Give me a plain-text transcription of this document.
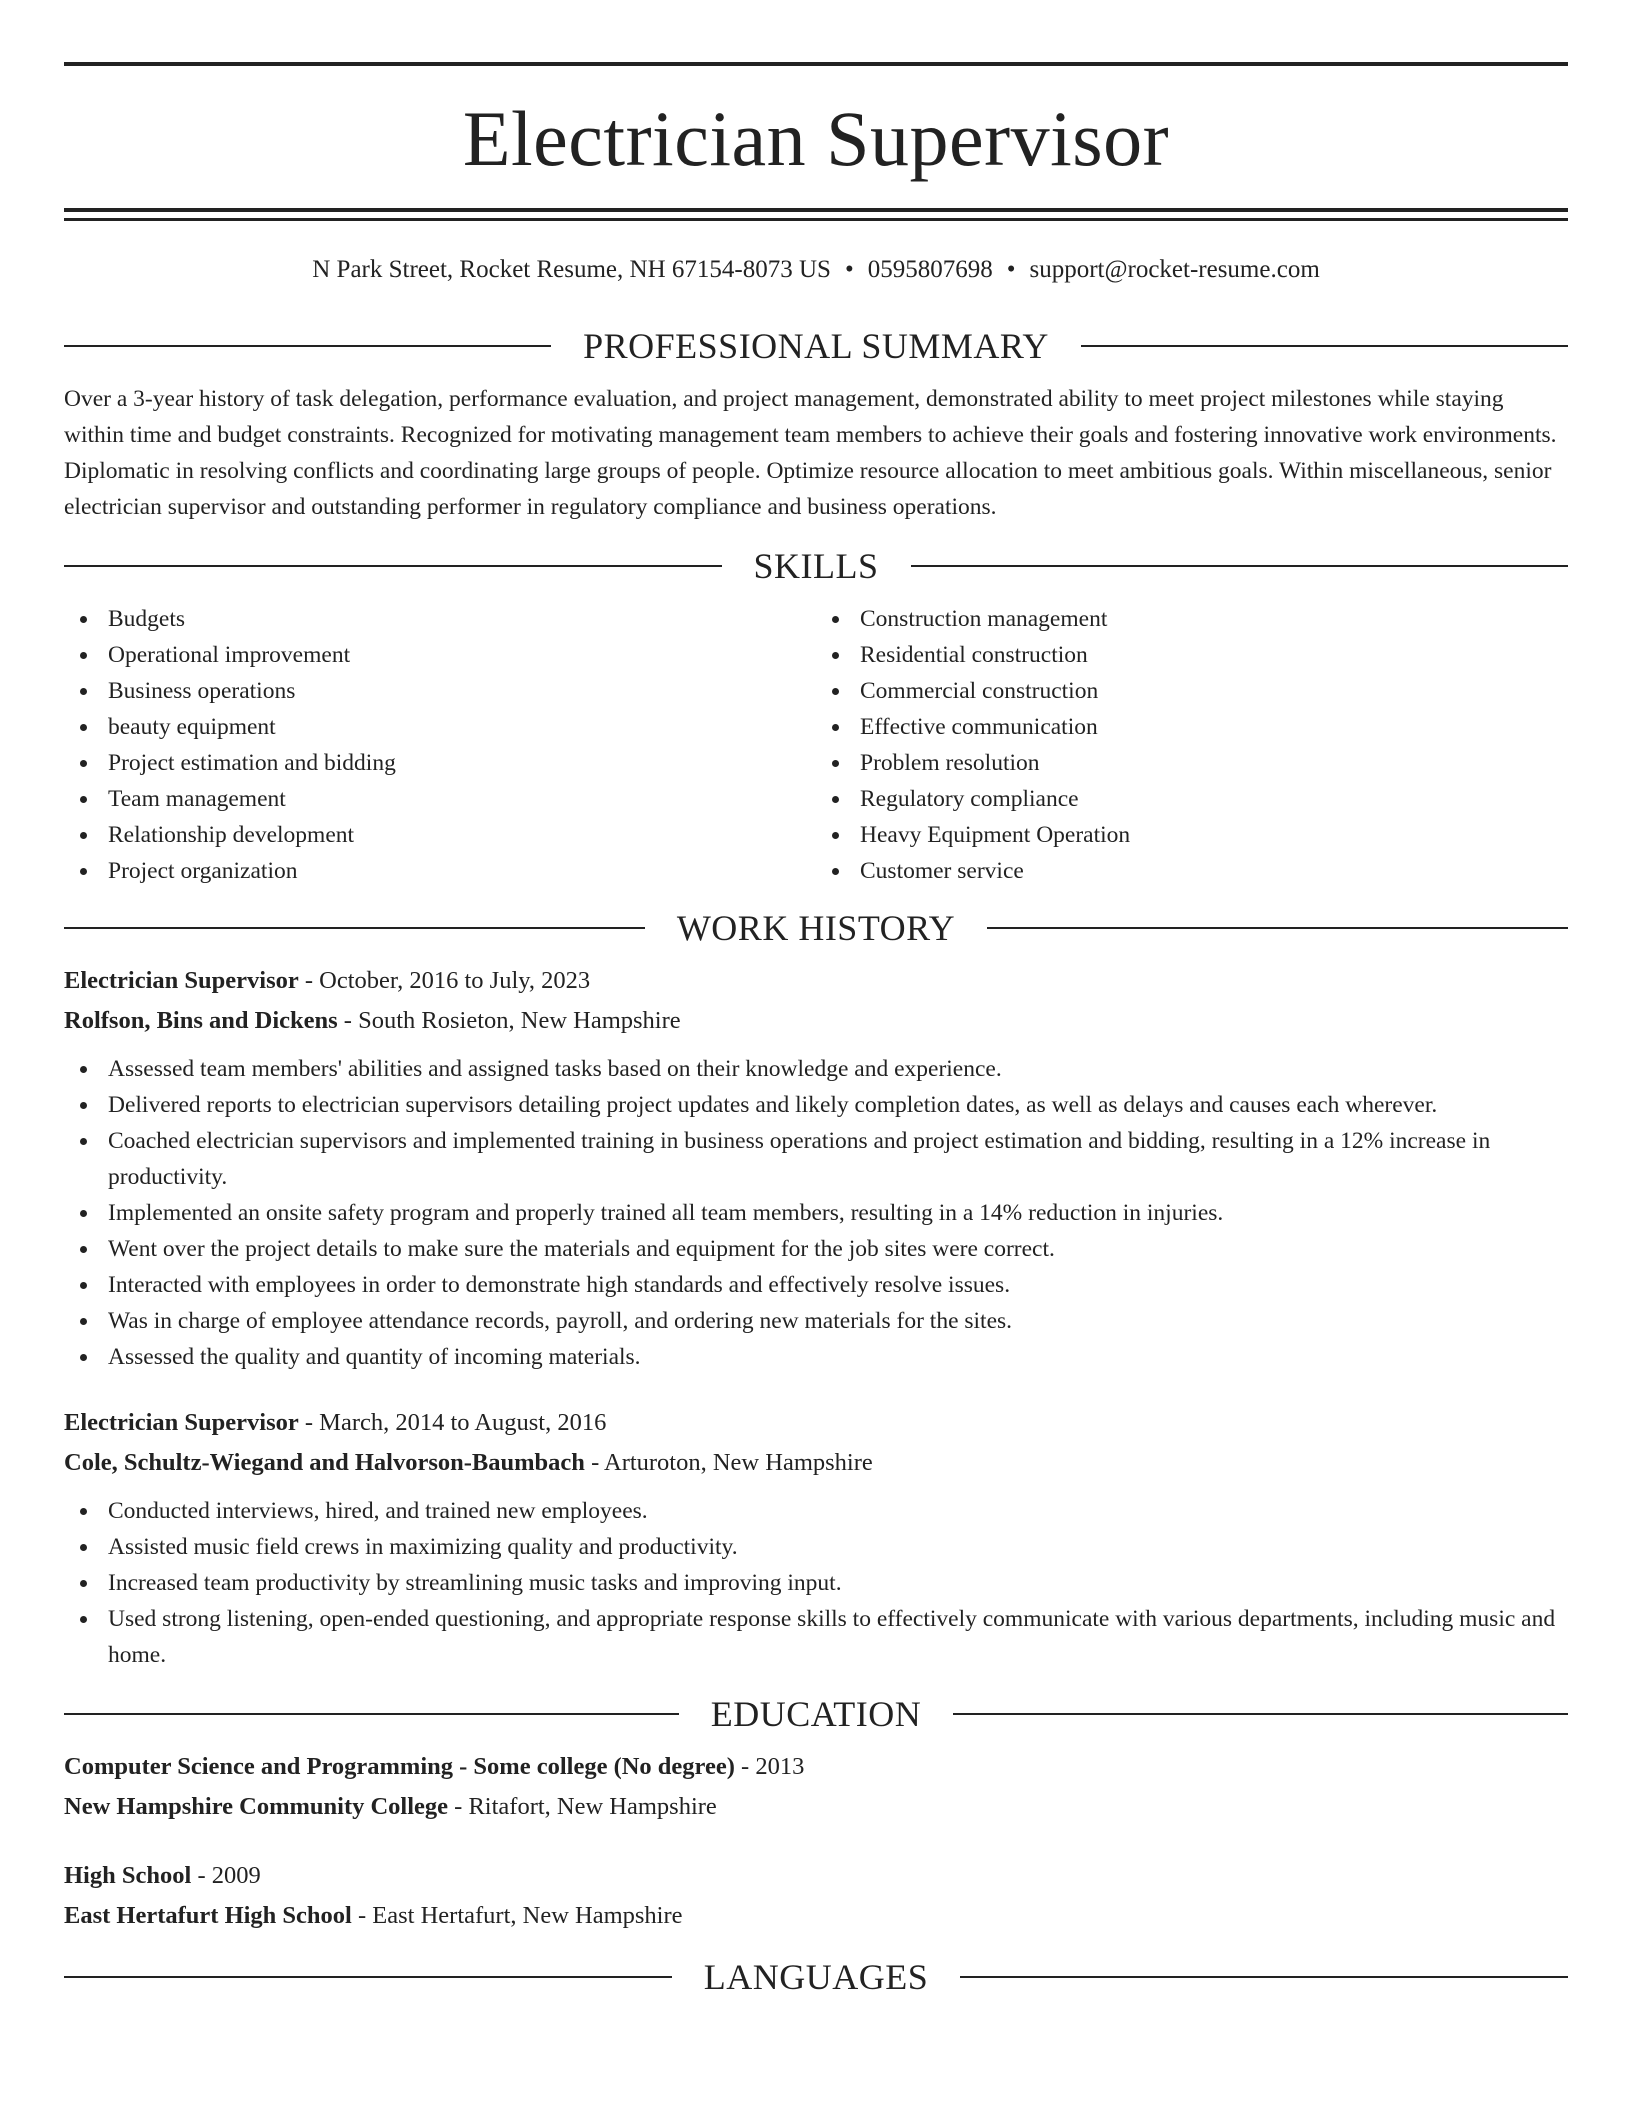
Electrician Supervisor
N Park Street, Rocket Resume, NH 67154-8073 US • 0595807698 • support@rocket-resume.com
PROFESSIONAL SUMMARY

Over a 3-year history of task delegation, performance evaluation, and project management, demonstrated ability to meet project milestones while staying within time and budget constraints. Recognized for motivating management team members to achieve their goals and fostering innovative work environments. Diplomatic in resolving conflicts and coordinating large groups of people. Optimize resource allocation to meet ambitious goals. Within miscellaneous, senior electrician supervisor and outstanding performer in regulatory compliance and business operations.

SKILLS
Budgets
Operational improvement
Business operations
beauty equipment
Project estimation and bidding
Team management
Relationship development
Project organization
Construction management
Residential construction
Commercial construction
Effective communication
Problem resolution
Regulatory compliance
Heavy Equipment Operation
Customer service
WORK HISTORY
Electrician Supervisor - October, 2016 to July, 2023
Rolfson, Bins and Dickens - South Rosieton, New Hampshire
Assessed team members' abilities and assigned tasks based on their knowledge and experience.
Delivered reports to electrician supervisors detailing project updates and likely completion dates, as well as delays and causes each wherever.
Coached electrician supervisors and implemented training in business operations and project estimation and bidding, resulting in a 12% increase in productivity.
Implemented an onsite safety program and properly trained all team members, resulting in a 14% reduction in injuries.
Went over the project details to make sure the materials and equipment for the job sites were correct.
Interacted with employees in order to demonstrate high standards and effectively resolve issues.
Was in charge of employee attendance records, payroll, and ordering new materials for the sites.
Assessed the quality and quantity of incoming materials.
Electrician Supervisor - March, 2014 to August, 2016
Cole, Schultz-Wiegand and Halvorson-Baumbach - Arturoton, New Hampshire
Conducted interviews, hired, and trained new employees.
Assisted music field crews in maximizing quality and productivity.
Increased team productivity by streamlining music tasks and improving input.
Used strong listening, open-ended questioning, and appropriate response skills to effectively communicate with various departments, including music and home.
EDUCATION
Computer Science and Programming - Some college (No degree) - 2013
New Hampshire Community College - Ritafort, New Hampshire
High School - 2009
East Hertafurt High School - East Hertafurt, New Hampshire
LANGUAGES
